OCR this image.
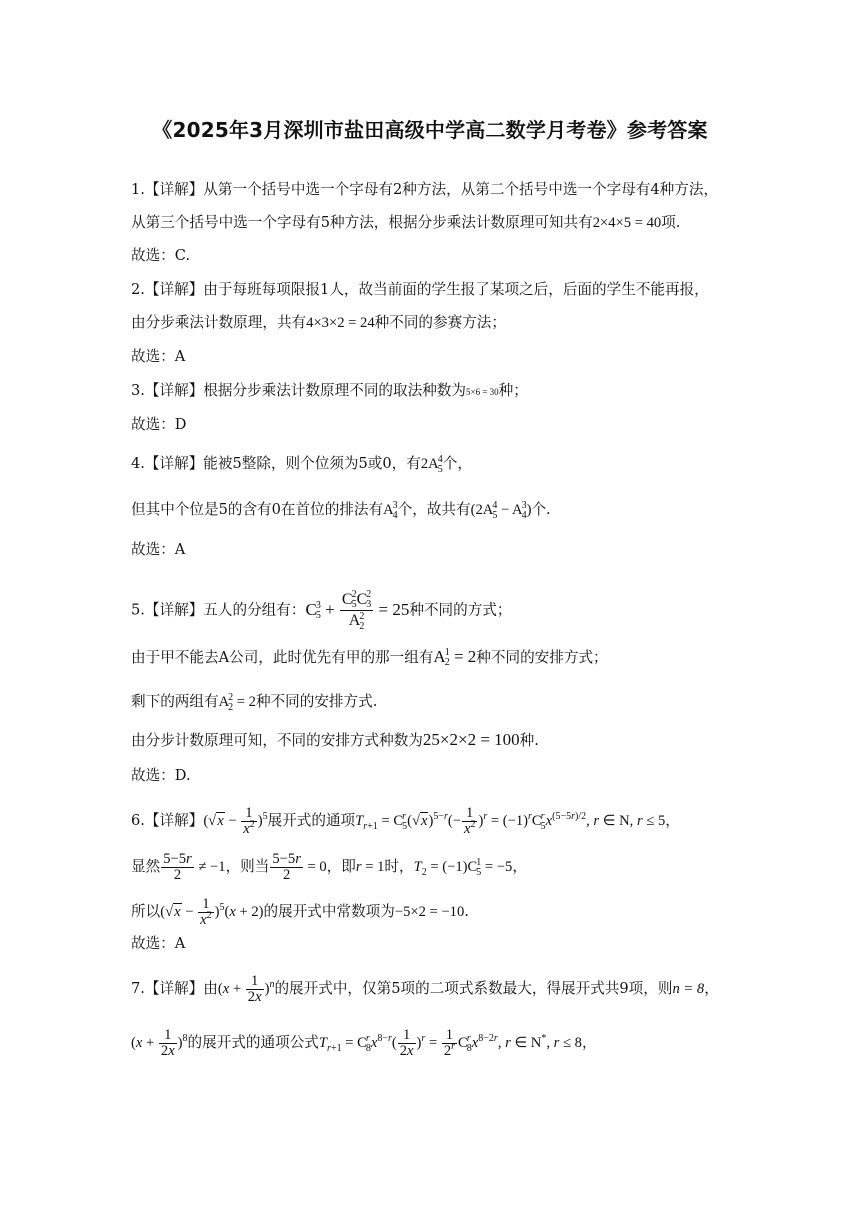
《2025年3月深圳市盐田高级中学高二数学月考卷》参考答案
1.【详解】从第一个括号中选一个字母有2种方法，从第二个括号中选一个字母有4种方法，
从第三个括号中选一个字母有5种方法，根据分步乘法计数原理可知共有2×4×5 = 40项.
故选：C.
2.【详解】由于每班每项限报1人，故当前面的学生报了某项之后，后面的学生不能再报，
由分步乘法计数原理，共有4×3×2 = 24种不同的参赛方法；
故选：A
3.【详解】根据分步乘法计数原理不同的取法种数为5×6 = 30种；
故选：D
4.【详解】能被5整除，则个位须为5或0，有2A 4
5 个，
但其中个位是5的含有0在首位的排法有A 3
4 个，故共有(2A 4
5 − A 3
4 )个.
故选：A
5.【详解】五人的分组有：C 3
5 + C 2
5 C 2
3
A 2
2 = 25种不同的方式；
由于甲不能去A公司，此时优先有甲的那一组有A 1
2 = 2种不同的安排方式；
剩下的两组有A 2
2 = 2种不同的安排方式.
由分步计数原理可知，不同的安排方式种数为25×2×2 = 100种.
故选：D.
6.【详解】$(√x - \frac{1}{x^2} )^5$展开式的通项$T_{r+1} = C$ r
5 $(√x)^{5-r}(- \frac{1}{x^2} )^r = (-1)^rC$ r
5 $x^{(5-5r)/2}$, r ∈ N, r ≤ 5，
显然 $\frac{5-5r}{2} \ne -1$，则当 $\frac{5-5r}{2} = 0$，即r = 1时，$T_2 = (-1)C$ 1
5 = −5，
所以$(√x - \frac{1}{x^2} )^5(x + 2)$的展开式中常数项为−5×2 = −10.
故选：A
7.【详解】由$(x + \frac{1}{2x} )^n$的展开式中，仅第5项的二项式系数最大，得展开式共9项，则n = 8，
$(x + \frac{1}{2x} )^8$的展开式的通项公式$T_{r+1} = C$ r
8 $x^{8-r}( \frac{1}{2x} )^r = \frac{1}{2^r}$ C r
8 $x^{8-2r}$, r ∈ N*, r ≤ 8，
